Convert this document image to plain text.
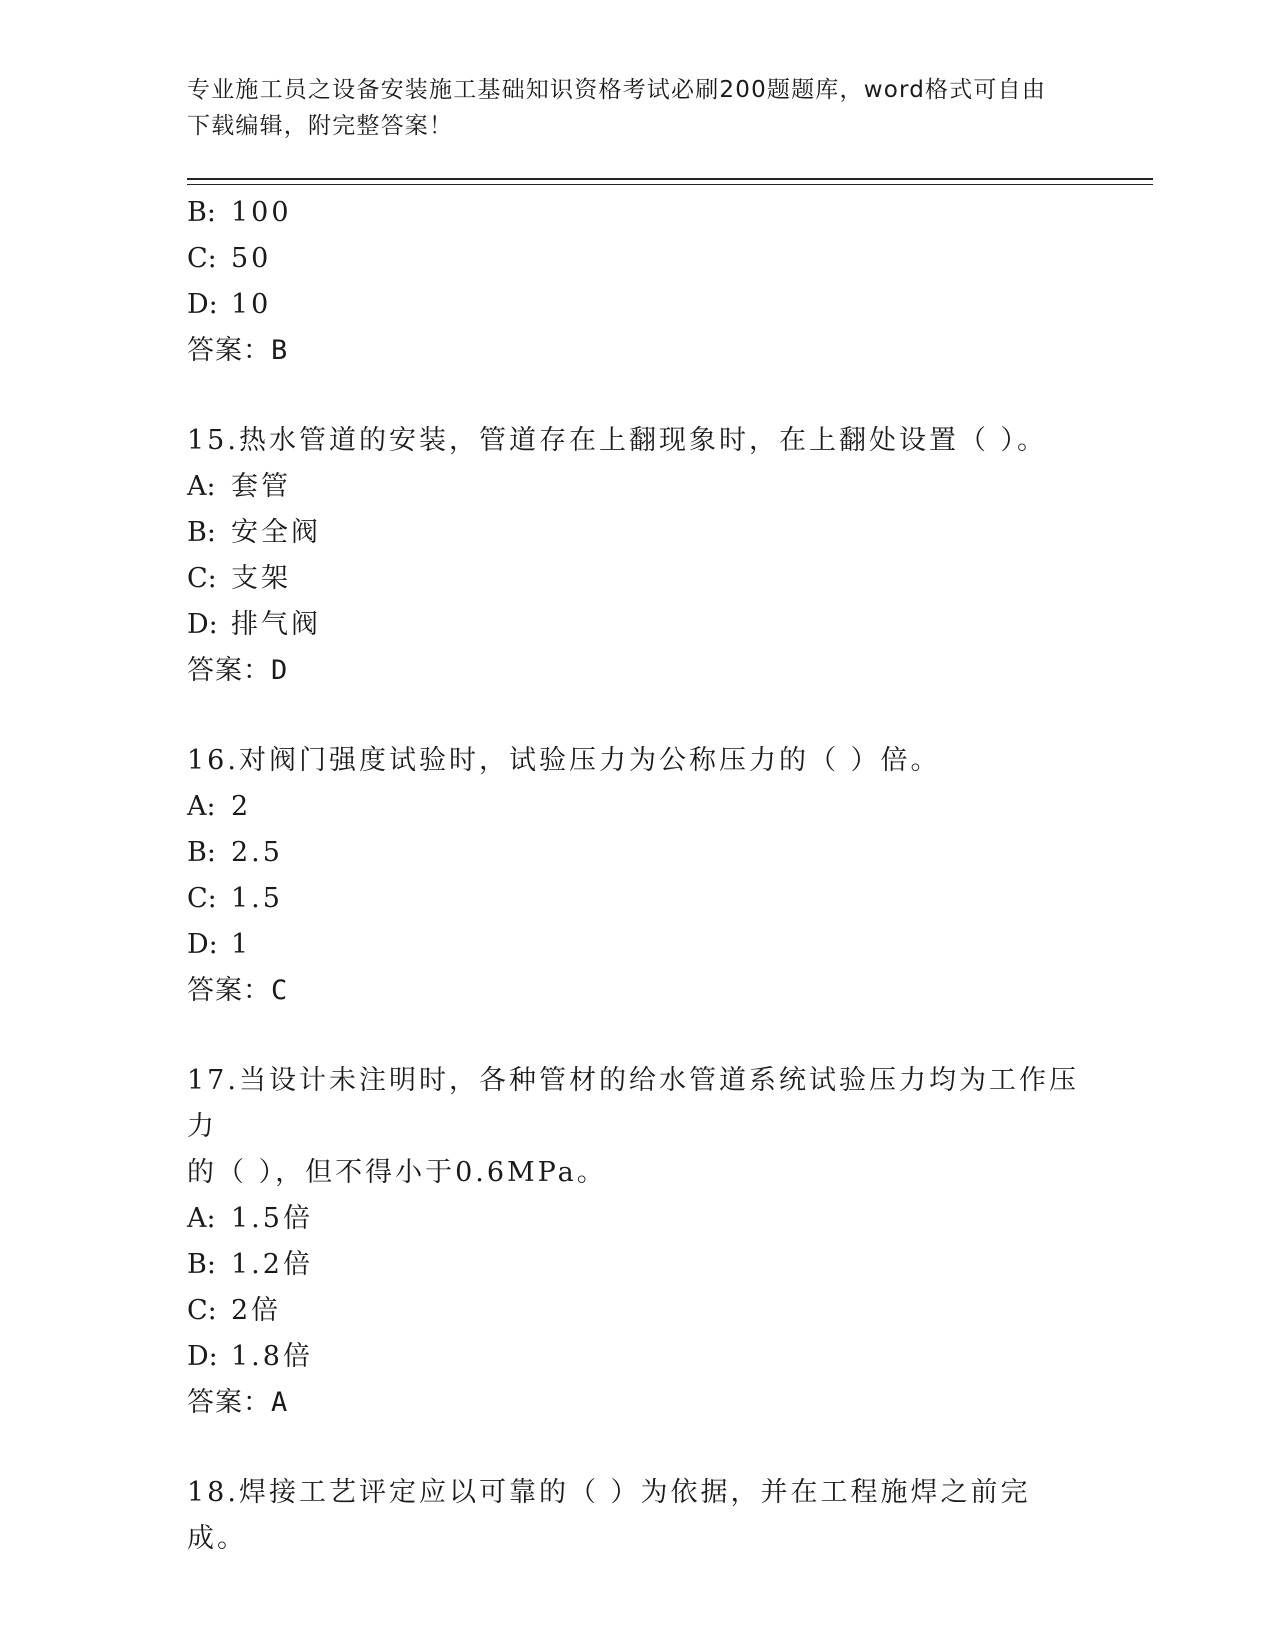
专业施工员之设备安装施工基础知识资格考试必刷200题题库，word格式可自由下载编辑，附完整答案！
B: 100
C: 50
D: 10
答案：B
15.热水管道的安装，管道存在上翻现象时，在上翻处设置（ ）。
A: 套管
B: 安全阀
C: 支架
D: 排气阀
答案：D
16.对阀门强度试验时，试验压力为公称压力的（ ）倍。
A: 2
B: 2.5
C: 1.5
D: 1
答案：C
17.当设计未注明时，各种管材的给水管道系统试验压力均为工作压力
的（ ），但不得小于0.6MPa。
A: 1.5倍
B: 1.2倍
C: 2倍
D: 1.8倍
答案：A
18.焊接工艺评定应以可靠的（ ）为依据，并在工程施焊之前完成。
